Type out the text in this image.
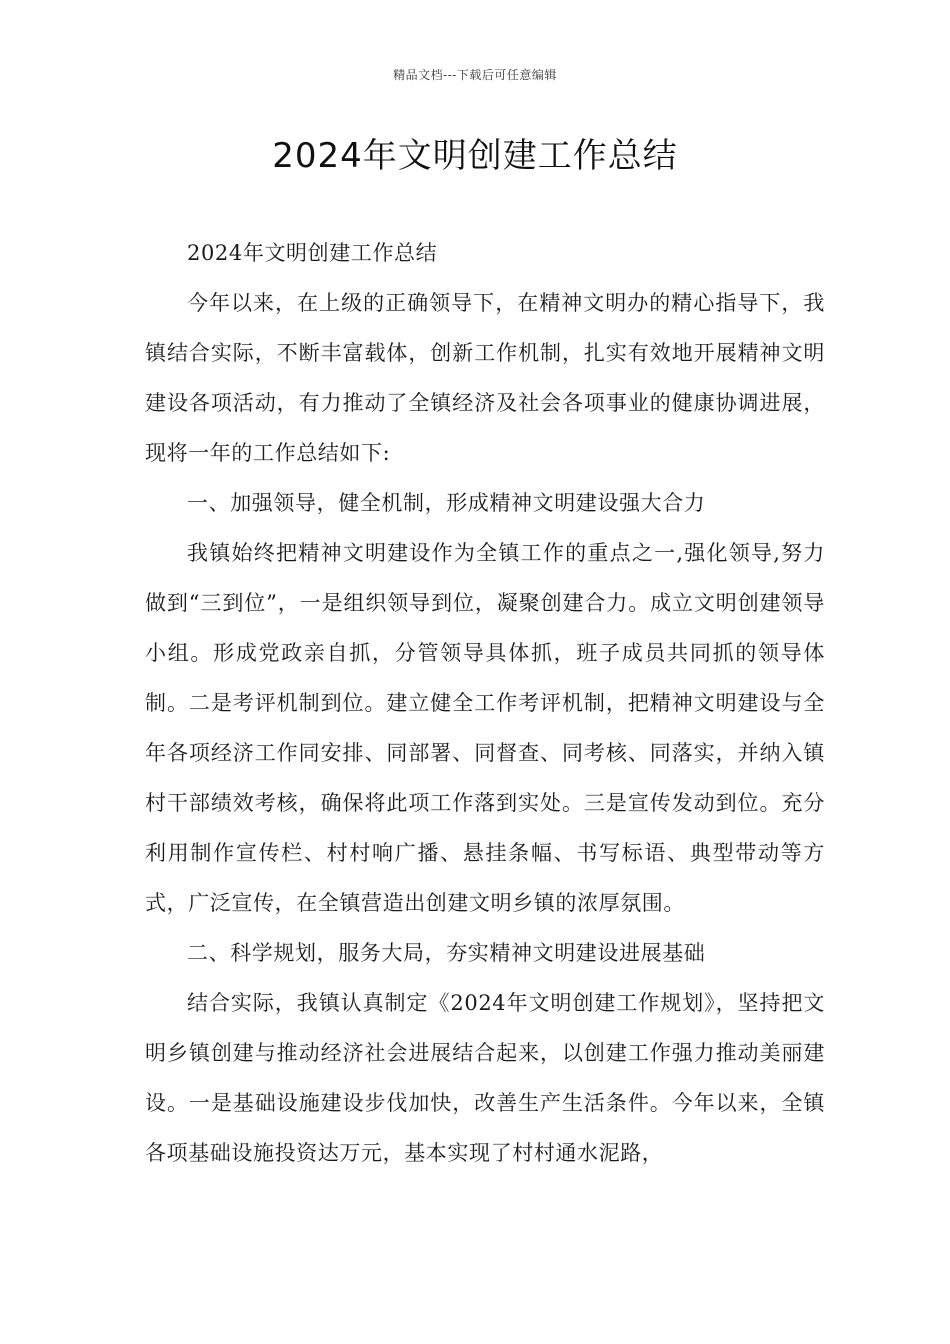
精品文档---下载后可任意编辑
2024年文明创建工作总结

2024年文明创建工作总结

今年以来，在上级的正确领导下，在精神文明办的精心指导下，我镇结合实际，不断丰富载体，创新工作机制，扎实有效地开展精神文明建设各项活动，有力推动了全镇经济及社会各项事业的健康协调进展，现将一年的工作总结如下:

一、加强领导，健全机制，形成精神文明建设强大合力

我镇始终把精神文明建设作为全镇工作的重点之一,强化领导,努力做到“三到位”，一是组织领导到位，凝聚创建合力。成立文明创建领导小组。形成党政亲自抓，分管领导具体抓，班子成员共同抓的领导体制。二是考评机制到位。建立健全工作考评机制，把精神文明建设与全年各项经济工作同安排、同部署、同督查、同考核、同落实，并纳入镇村干部绩效考核，确保将此项工作落到实处。三是宣传发动到位。充分利用制作宣传栏、村村响广播、悬挂条幅、书写标语、典型带动等方式，广泛宣传，在全镇营造出创建文明乡镇的浓厚氛围。

二、科学规划，服务大局，夯实精神文明建设进展基础

结合实际，我镇认真制定《2024年文明创建工作规划》，坚持把文明乡镇创建与推动经济社会进展结合起来，以创建工作强力推动美丽建设。一是基础设施建设步伐加快，改善生产生活条件。今年以来，全镇各项基础设施投资达万元，基本实现了村村通水泥路，
